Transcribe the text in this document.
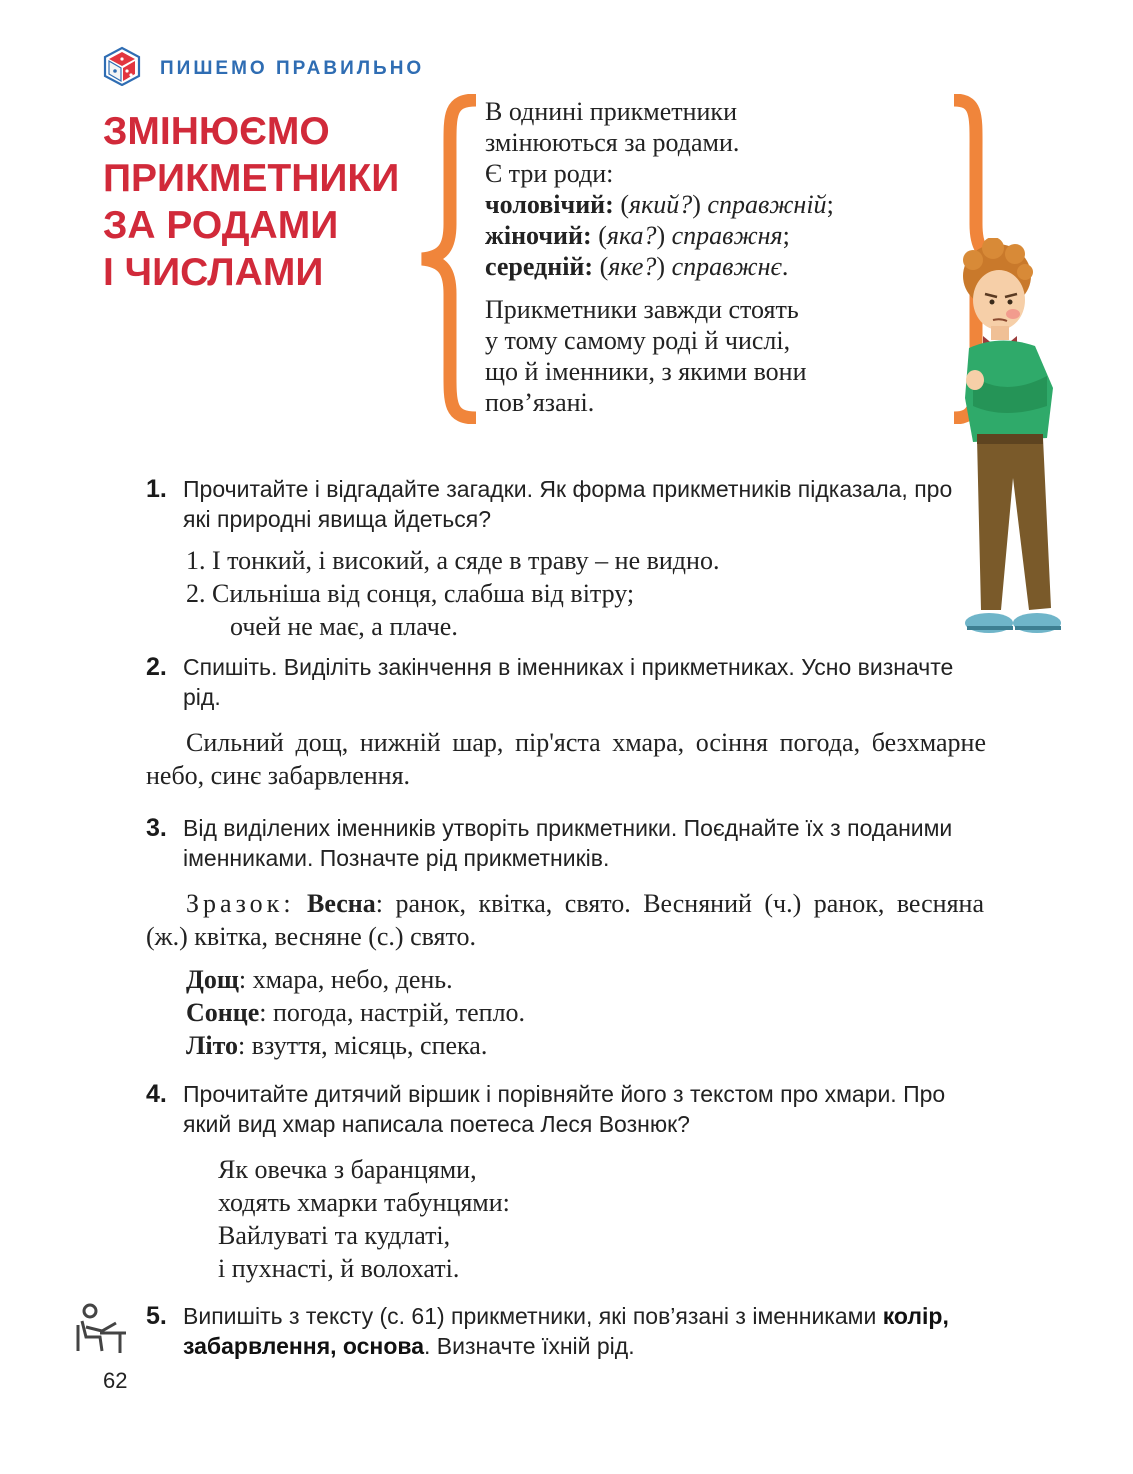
ПИШЕМО ПРАВИЛЬНО
ЗМІНЮЄМО
ПРИКМЕТНИКИ
ЗА РОДАМИ
І ЧИСЛАМИ

В однині прикметники

змінюються за родами.

Є три роди:

чоловічий: (який?) справжній;

жіночий: (яка?) справжня;

середній: (яке?) справжнє.

Прикметники завжди стоять

у тому самому роді й числі,

що й іменники, з якими вони

пов’язані.

1. Прочитайте і відгадайте загадки. Як форма прикметників підказала, про які природні явища йдеться?
1. І тонкий, і високий, а сяде в траву – не видно.
2. Сильніша від сонця, слабша від вітру;
очей не має, а плаче.
2. Спишіть. Виділіть закінчення в іменниках і прикметниках. Усно визначте рід.
Сильний дощ, нижній шар, пір'яста хмара, осіння погода, безхмарне небо, синє забарвлення.
3. Від виділених іменників утворіть прикметники. Поєднайте їх з поданими іменниками. Позначте рід прикметників.
Зразок: Весна: ранок, квітка, свято. Весняний (ч.) ранок, весняна (ж.) квітка, весняне (с.) свято.
Дощ: хмара, небо, день.
Сонце: погода, настрій, тепло.
Літо: взуття, місяць, спека.
4. Прочитайте дитячий віршик і порівняйте його з текстом про хмари. Про який вид хмар написала поетеса Леся Вознюк?
Як овечка з баранцями,
ходять хмарки табунцями:
Вайлуваті та кудлаті,
і пухнасті, й волохаті.
5. Випишіть з тексту (с. 61) прикметники, які пов’язані з іменниками колір, забарвлення, основа. Визначте їхній рід.
62
